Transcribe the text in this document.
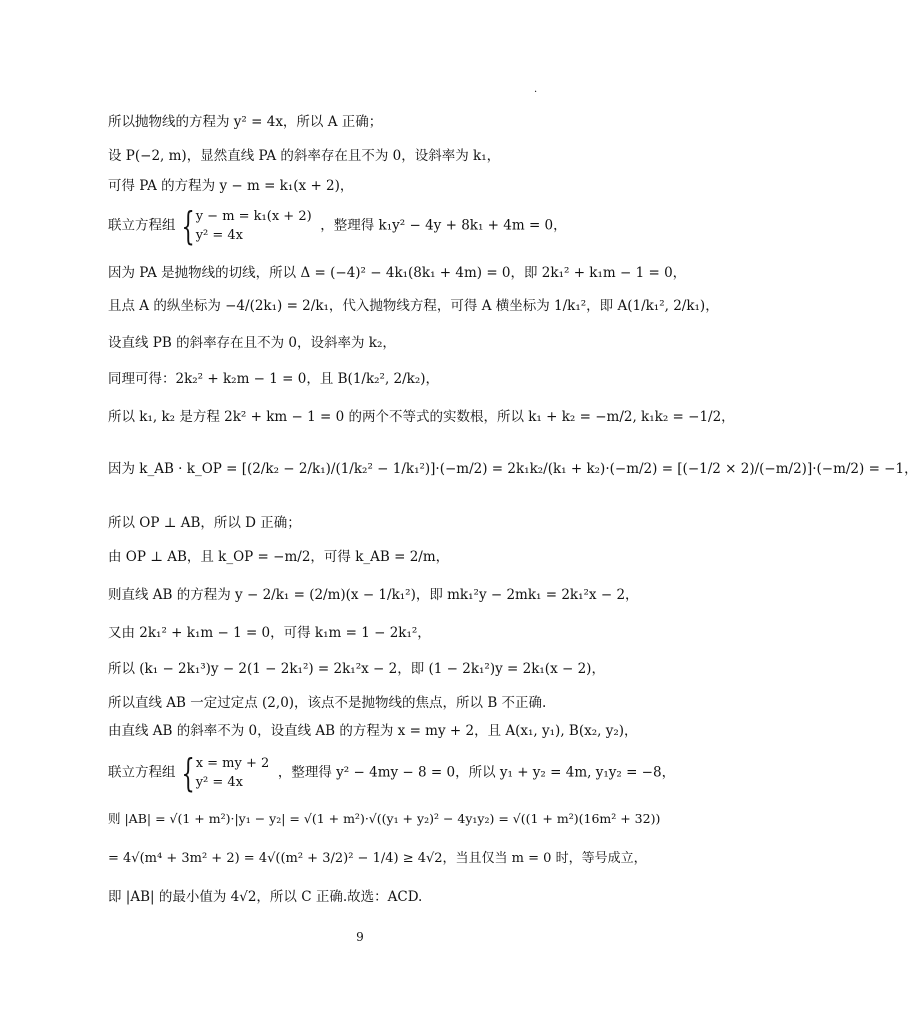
.
所以抛物线的方程为 y² = 4x，所以 A 正确；
设 P(−2, m)，显然直线 PA 的斜率存在且不为 0，设斜率为 k₁，
可得 PA 的方程为 y − m = k₁(x + 2)，
联立方程组 {y − m = k₁(x + 2)
y² = 4x  ，整理得 k₁y² − 4y + 8k₁ + 4m = 0，
因为 PA 是抛物线的切线，所以 Δ = (−4)² − 4k₁(8k₁ + 4m) = 0，即 2k₁² + k₁m − 1 = 0，
且点 A 的纵坐标为 −4/(2k₁) = 2/k₁，代入抛物线方程，可得 A 横坐标为 1/k₁²，即 A(1/k₁², 2/k₁)，
设直线 PB 的斜率存在且不为 0，设斜率为 k₂，
同理可得：2k₂² + k₂m − 1 = 0，且 B(1/k₂², 2/k₂)，
所以 k₁, k₂ 是方程 2k² + km − 1 = 0 的两个不等式的实数根，所以 k₁ + k₂ = −m/2, k₁k₂ = −1/2，
因为 k_AB · k_OP = [(2/k₂ − 2/k₁)/(1/k₂² − 1/k₁²)]·(−m/2) = 2k₁k₂/(k₁ + k₂)·(−m/2) = [(−1/2 × 2)/(−m/2)]·(−m/2) = −1，
所以 OP ⊥ AB，所以 D 正确；
由 OP ⊥ AB，且 k_OP = −m/2，可得 k_AB = 2/m，
则直线 AB 的方程为 y − 2/k₁ = (2/m)(x − 1/k₁²)，即 mk₁²y − 2mk₁ = 2k₁²x − 2，
又由 2k₁² + k₁m − 1 = 0，可得 k₁m = 1 − 2k₁²，
所以 (k₁ − 2k₁³)y − 2(1 − 2k₁²) = 2k₁²x − 2，即 (1 − 2k₁²)y = 2k₁(x − 2)，
所以直线 AB 一定过定点 (2,0)，该点不是抛物线的焦点，所以 B 不正确.
由直线 AB 的斜率不为 0，设直线 AB 的方程为 x = my + 2，且 A(x₁, y₁), B(x₂, y₂)，
联立方程组 {x = my + 2
y² = 4x  ，整理得 y² − 4my − 8 = 0，所以 y₁ + y₂ = 4m, y₁y₂ = −8，
则 |AB| = √(1 + m²)·|y₁ − y₂| = √(1 + m²)·√((y₁ + y₂)² − 4y₁y₂) = √((1 + m²)(16m² + 32))
= 4√(m⁴ + 3m² + 2) = 4√((m² + 3/2)² − 1/4) ≥ 4√2，当且仅当 m = 0 时，等号成立，
即 |AB| 的最小值为 4√2，所以 C 正确.故选：ACD.
9
